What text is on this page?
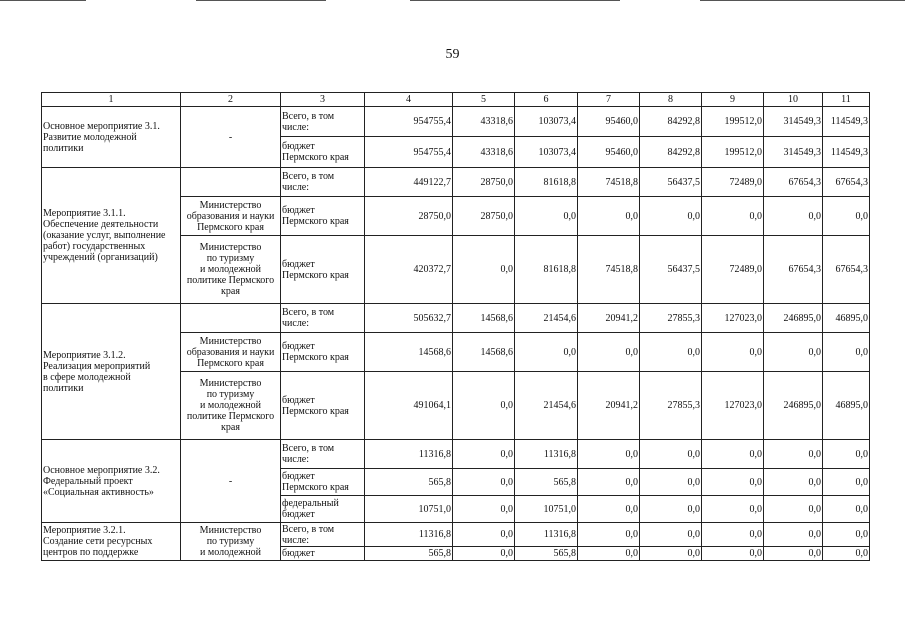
59
1	2	3	4	5	6	7	8	9	10	11
Основное мероприятие 3.1.
Развитие молодежной
политики	-	Всего, в том
числе:	954755,4	43318,6	103073,4	95460,0	84292,8	199512,0	314549,3	114549,3
		бюджет
Пермского края	954755,4	43318,6	103073,4	95460,0	84292,8	199512,0	314549,3	114549,3
Мероприятие 3.1.1.
Обеспечение деятельности
(оказание услуг, выполнение
работ) государственных
учреждений (организаций)		Всего, в том
числе:	449122,7	28750,0	81618,8	74518,8	56437,5	72489,0	67654,3	67654,3
	Министерство
образования и науки
Пермского края	бюджет
Пермского края	28750,0	28750,0	0,0	0,0	0,0	0,0	0,0	0,0
	Министерство
по туризму
и молодежной
политике Пермского
края	бюджет
Пермского края	420372,7	0,0	81618,8	74518,8	56437,5	72489,0	67654,3	67654,3
Мероприятие 3.1.2.
Реализация мероприятий
в сфере молодежной
политики		Всего, в том
числе:	505632,7	14568,6	21454,6	20941,2	27855,3	127023,0	246895,0	46895,0
	Министерство
образования и науки
Пермского края	бюджет
Пермского края	14568,6	14568,6	0,0	0,0	0,0	0,0	0,0	0,0
	Министерство
по туризму
и молодежной
политике Пермского
края	бюджет
Пермского края	491064,1	0,0	21454,6	20941,2	27855,3	127023,0	246895,0	46895,0
Основное мероприятие 3.2.
Федеральный проект
«Социальная активность»	-	Всего, в том
числе:	11316,8	0,0	11316,8	0,0	0,0	0,0	0,0	0,0
		бюджет
Пермского края	565,8	0,0	565,8	0,0	0,0	0,0	0,0	0,0
		федеральный
бюджет	10751,0	0,0	10751,0	0,0	0,0	0,0	0,0	0,0
Мероприятие 3.2.1.
Создание сети ресурсных
центров по поддержке	Министерство
по туризму
и молодежной	Всего, в том
числе:	11316,8	0,0	11316,8	0,0	0,0	0,0	0,0	0,0
		бюджет	565,8	0,0	565,8	0,0	0,0	0,0	0,0	0,0
